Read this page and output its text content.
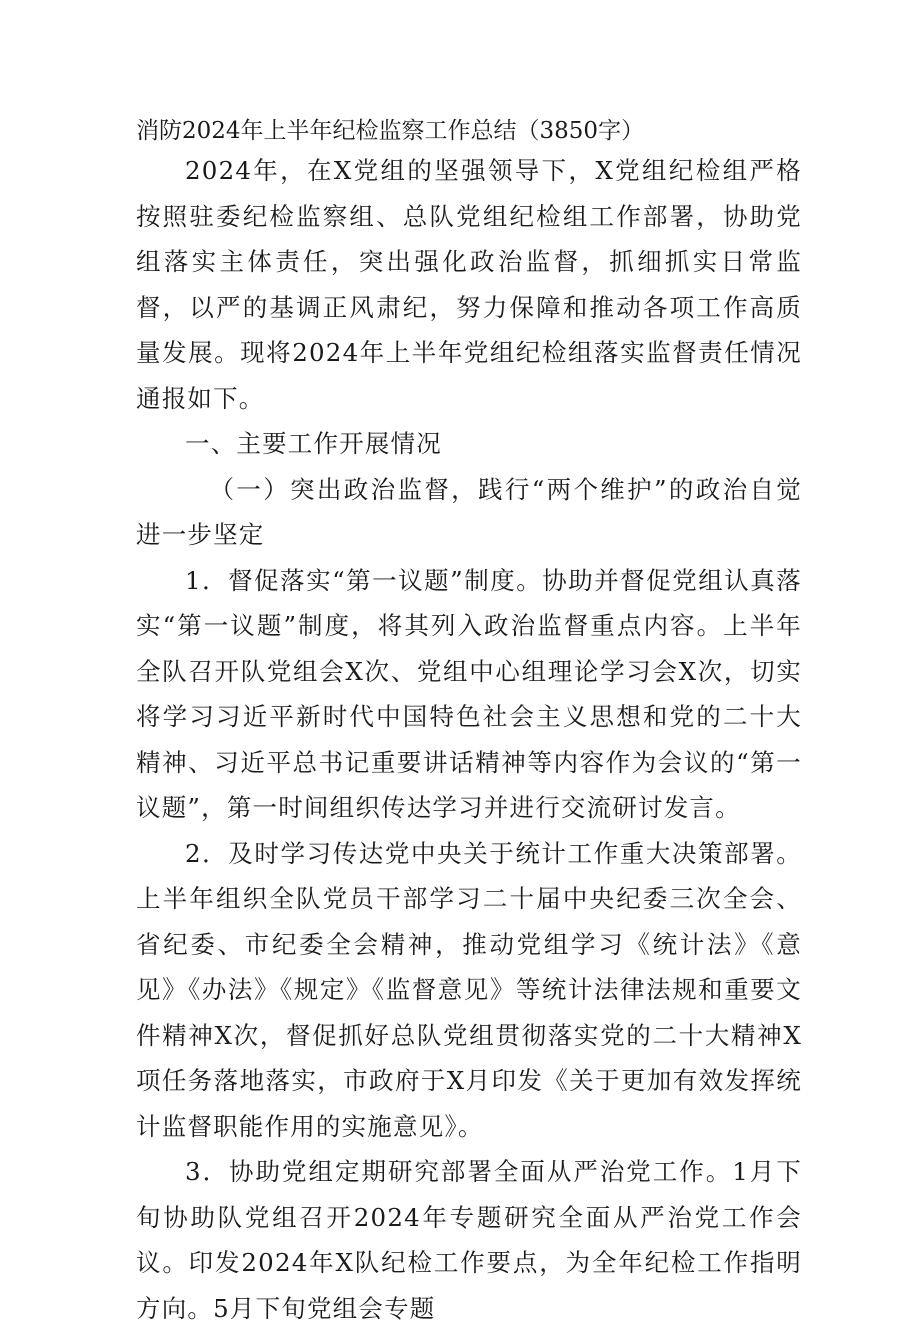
消防2024年上半年纪检监察工作总结（3850字）

2024年，在X党组的坚强领导下，X党组纪检组严格按照驻委纪检监察组、总队党组纪检组工作部署，协助党组落实主体责任，突出强化政治监督，抓细抓实日常监督，以严的基调正风肃纪，努力保障和推动各项工作高质量发展。现将2024年上半年党组纪检组落实监督责任情况通报如下。

一、主要工作开展情况

（一）突出政治监督，践行“两个维护”的政治自觉进一步坚定

1．督促落实“第一议题”制度。协助并督促党组认真落实“第一议题”制度，将其列入政治监督重点内容。上半年全队召开队党组会X次、党组中心组理论学习会X次，切实将学习习近平新时代中国特色社会主义思想和党的二十大精神、习近平总书记重要讲话精神等内容作为会议的“第一议题”，第一时间组织传达学习并进行交流研讨发言。

2．及时学习传达党中央关于统计工作重大决策部署。上半年组织全队党员干部学习二十届中央纪委三次全会、省纪委、市纪委全会精神，推动党组学习《统计法》《意见》《办法》《规定》《监督意见》等统计法律法规和重要文件精神X次，督促抓好总队党组贯彻落实党的二十大精神X项任务落地落实，市政府于X月印发《关于更加有效发挥统计监督职能作用的实施意见》。

3．协助党组定期研究部署全面从严治党工作。1月下旬协助队党组召开2024年专题研究全面从严治党工作会议。印发2024年X队纪检工作要点，为全年纪检工作指明方向。5月下旬党组会专题
